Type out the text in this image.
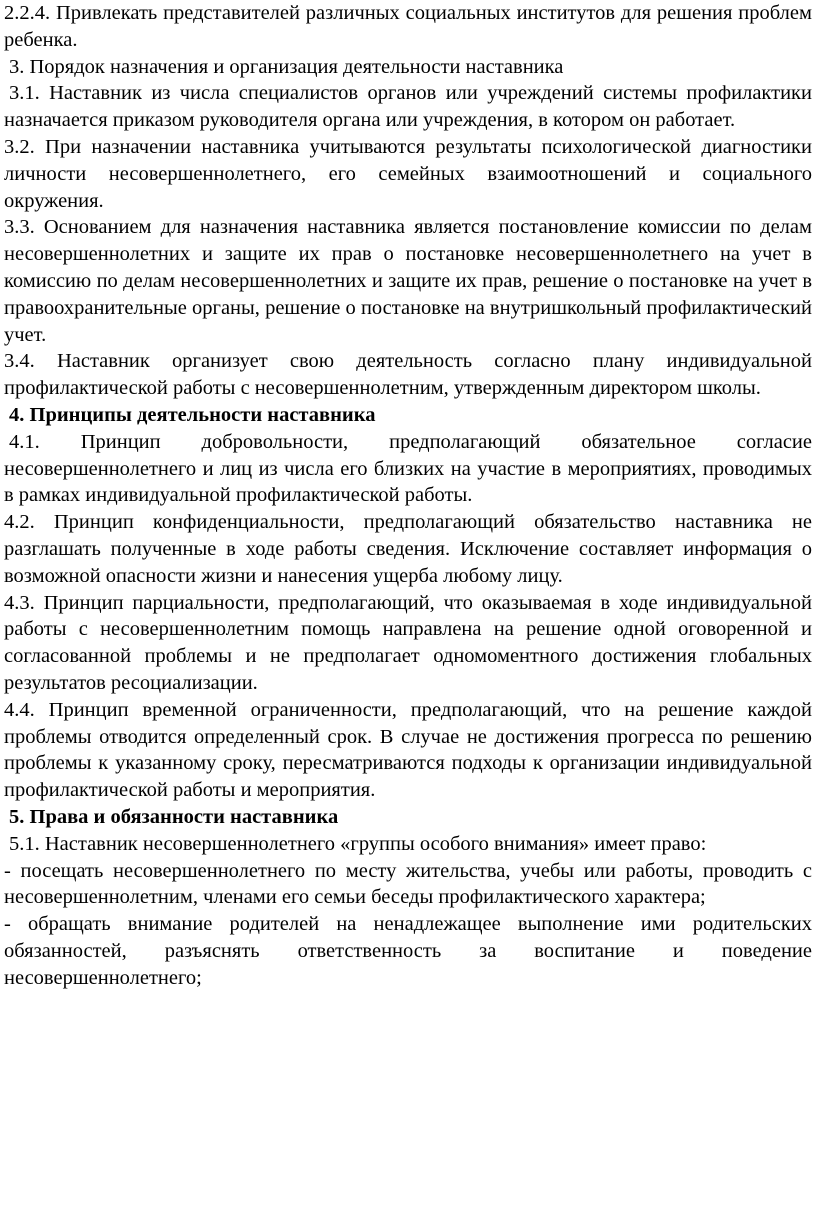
2.2.4. Привлекать представителей различных социальных институтов для решения проблем ребенка.

3. Порядок назначения и организация деятельности наставника

3.1. Наставник из числа специалистов органов или учреждений системы профилактики назначается приказом руководителя органа или учреждения, в котором он работает.

3.2. При назначении наставника учитываются результаты психологической диагностики личности несовершеннолетнего, его семейных взаимоотношений и социального окружения.

3.3. Основанием для назначения наставника является постановление комиссии по делам несовершеннолетних и защите их прав о постановке несовершеннолетнего на учет в комиссию по делам несовершеннолетних и защите их прав, решение о постановке на учет в правоохранительные органы, решение о постановке на внутришкольный профилактический учет.

3.4. Наставник организует свою деятельность согласно плану индивидуальной профилактической работы с несовершеннолетним, утвержденным директором школы.

4. Принципы деятельности наставника

4.1. Принцип добровольности, предполагающий обязательное согласие несовершеннолетнего и лиц из числа его близких на участие в мероприятиях, проводимых в рамках индивидуальной профилактической работы.

4.2. Принцип конфиденциальности, предполагающий обязательство наставника не разглашать полученные в ходе работы сведения. Исключение составляет информация о возможной опасности жизни и нанесения ущерба любому лицу.

4.3. Принцип парциальности, предполагающий, что оказываемая в ходе индивидуальной работы с несовершеннолетним помощь направлена на решение одной оговоренной и согласованной проблемы и не предполагает одномоментного достижения глобальных результатов ресоциализации.

4.4. Принцип временной ограниченности, предполагающий, что на решение каждой проблемы отводится определенный срок. В случае не достижения прогресса по решению проблемы к указанному сроку, пересматриваются подходы к организации индивидуальной профилактической работы и мероприятия.

5. Права и обязанности наставника

5.1. Наставник несовершеннолетнего «группы особого внимания» имеет право:

- посещать несовершеннолетнего по месту жительства, учебы или работы, проводить с несовершеннолетним, членами его семьи беседы профилактического характера;

- обращать внимание родителей на ненадлежащее выполнение ими родительских обязанностей, разъяснять ответственность за воспитание и поведение несовершеннолетнего;
